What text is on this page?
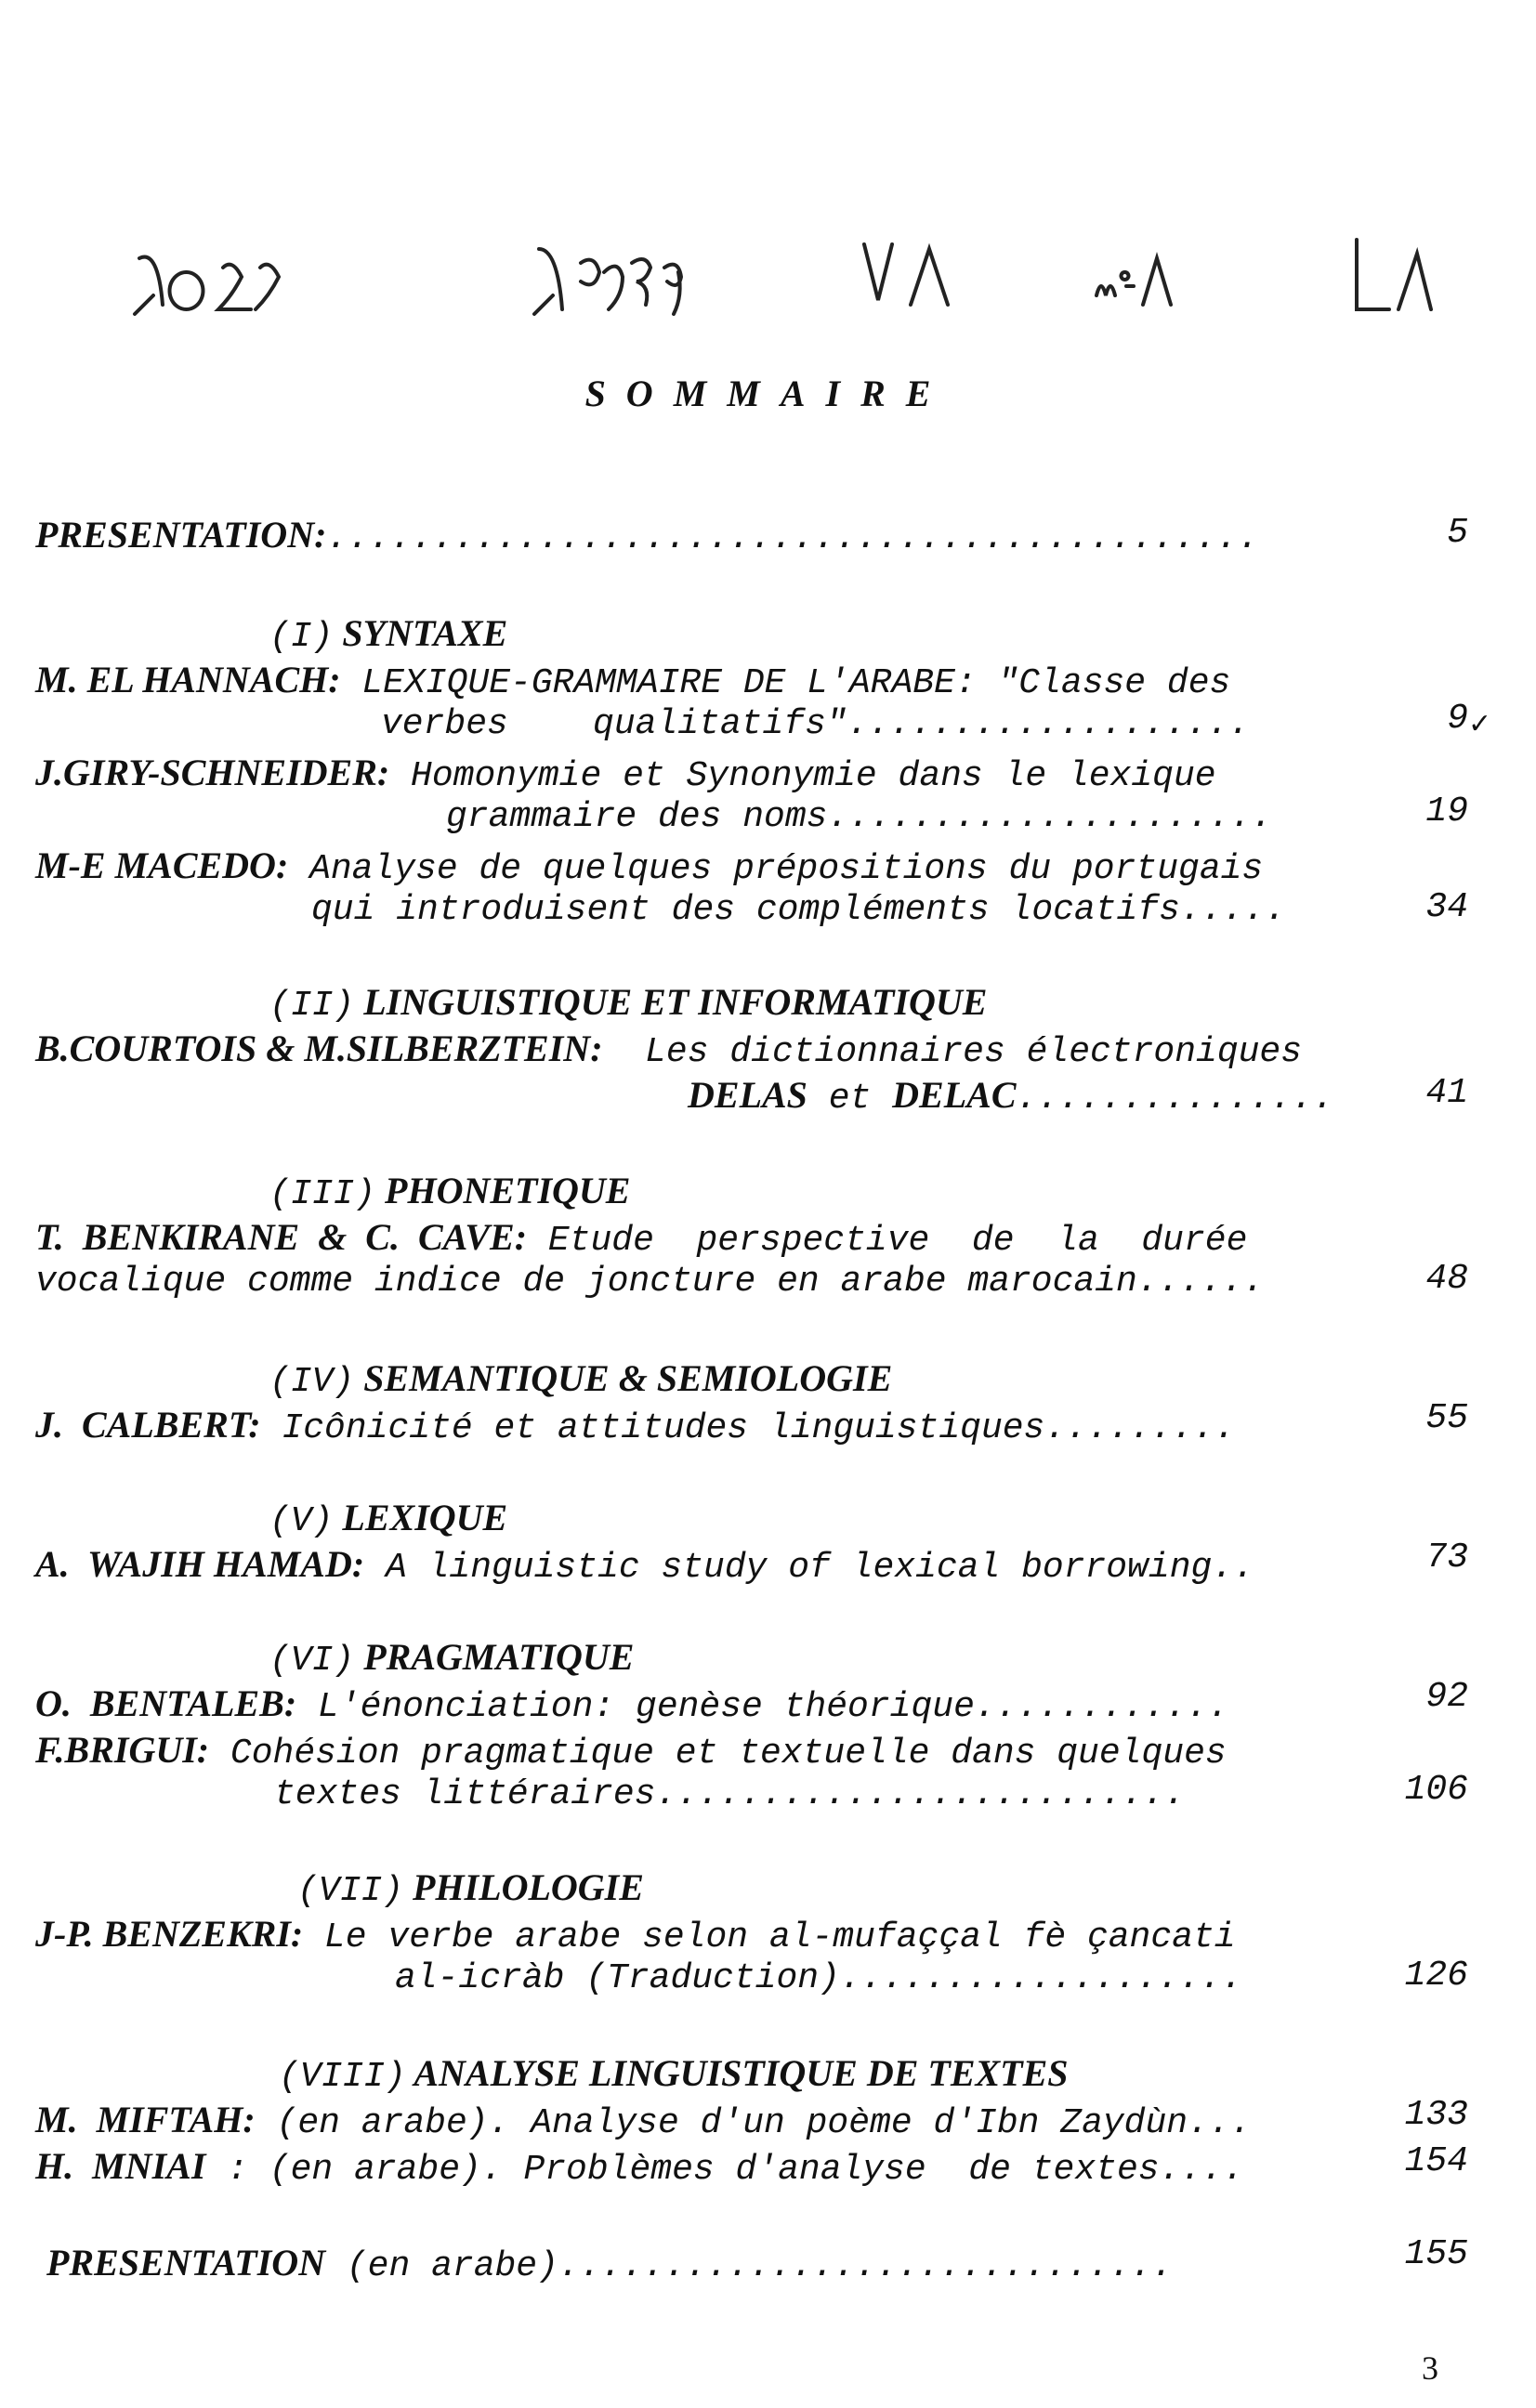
SOMMAIRE
PRESENTATION:............................................	5
(I) SYNTAXE
M. EL HANNACH: LEXIQUE-GRAMMAIRE DE L'ARABE: "Classe des
verbes    qualitatifs"...................	9 ✓
J.GIRY-SCHNEIDER: Homonymie et Synonymie dans le lexique
grammaire des noms.....................	19
M-E MACEDO: Analyse de quelques prépositions du portugais
qui introduisent des compléments locatifs.....	34
(II) LINGUISTIQUE ET INFORMATIQUE
B.COURTOIS & M.SILBERZTEIN:  Les dictionnaires électroniques
DELAS et DELAC...............	41
(III) PHONETIQUE
T.  BENKIRANE  &  C.  CAVE: Etude  perspective  de  la  durée
vocalique comme indice de joncture en arabe marocain......	48
(IV) SEMANTIQUE & SEMIOLOGIE
J.  CALBERT: Icônicité et attitudes linguistiques.........	55
(V) LEXIQUE
A.  WAJIH HAMAD: A linguistic study of lexical borrowing..	73
(VI) PRAGMATIQUE
O.  BENTALEB: L'énonciation: genèse théorique............	92
F.BRIGUI: Cohésion pragmatique et textuelle dans quelques
textes littéraires.........................	106
(VII) PHILOLOGIE
J-P. BENZEKRI: Le verbe arabe selon al-mufaççal fè çancati
al-icràb (Traduction)...................	126
(VIII) ANALYSE LINGUISTIQUE DE TEXTES
M.  MIFTAH: (en arabe). Analyse d'un poème d'Ibn Zaydùn...	133
H.  MNIAI : (en arabe). Problèmes d'analyse  de textes....	154
PRESENTATION (en arabe).............................	155
3
